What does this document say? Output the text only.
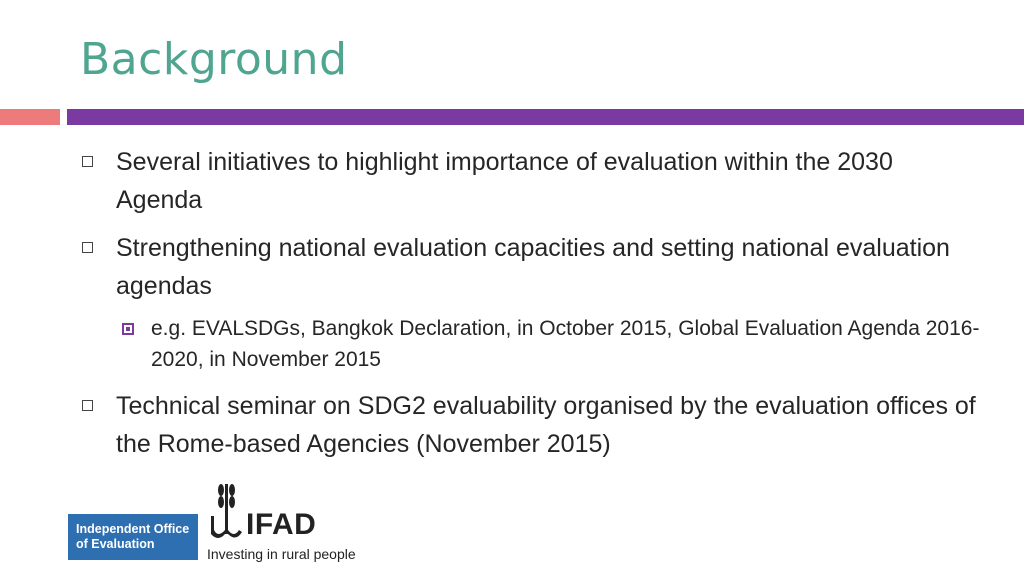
Background
Several initiatives to highlight importance of evaluation within the 2030 Agenda
Strengthening national evaluation capacities and setting national evaluation agendas
e.g. EVALSDGs, Bangkok Declaration, in October 2015, Global Evaluation Agenda 2016-2020, in November 2015
Technical seminar on SDG2 evaluability organised by the evaluation offices of the Rome-based Agencies (November 2015)
Independent Office of Evaluation
IFAD
Investing in rural people
